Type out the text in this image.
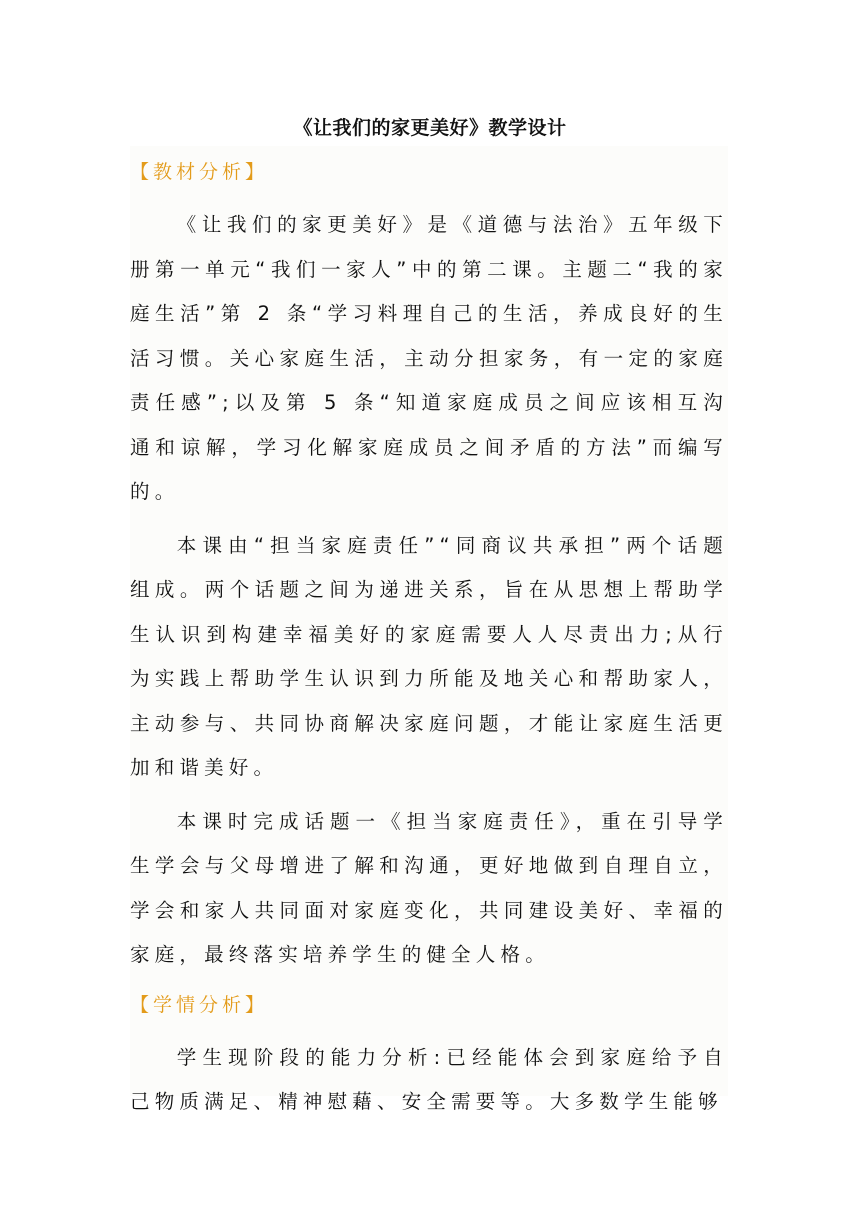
《让我们的家更美好》教学设计
【教材分析】

《让我们的家更美好》是《道德与法治》五年级下册第一单元“我们一家人”中的第二课。主题二“我的家庭生活”第 2 条“学习料理自己的生活，养成良好的生活习惯。关心家庭生活，主动分担家务，有一定的家庭责任感”;以及第 5 条“知道家庭成员之间应该相互沟通和谅解，学习化解家庭成员之间矛盾的方法”而编写的。

本课由“担当家庭责任”“同商议共承担”两个话题组成。两个话题之间为递进关系，旨在从思想上帮助学生认识到构建幸福美好的家庭需要人人尽责出力;从行为实践上帮助学生认识到力所能及地关心和帮助家人，主动参与、共同协商解决家庭问题，才能让家庭生活更加和谐美好。

本课时完成话题一《担当家庭责任》，重在引导学生学会与父母增进了解和沟通，更好地做到自理自立，学会和家人共同面对家庭变化，共同建设美好、幸福的家庭，最终落实培养学生的健全人格。

【学情分析】

学生现阶段的能力分析:已经能体会到家庭给予自己物质满足、精神慰藉、安全需要等。大多数学生能够
